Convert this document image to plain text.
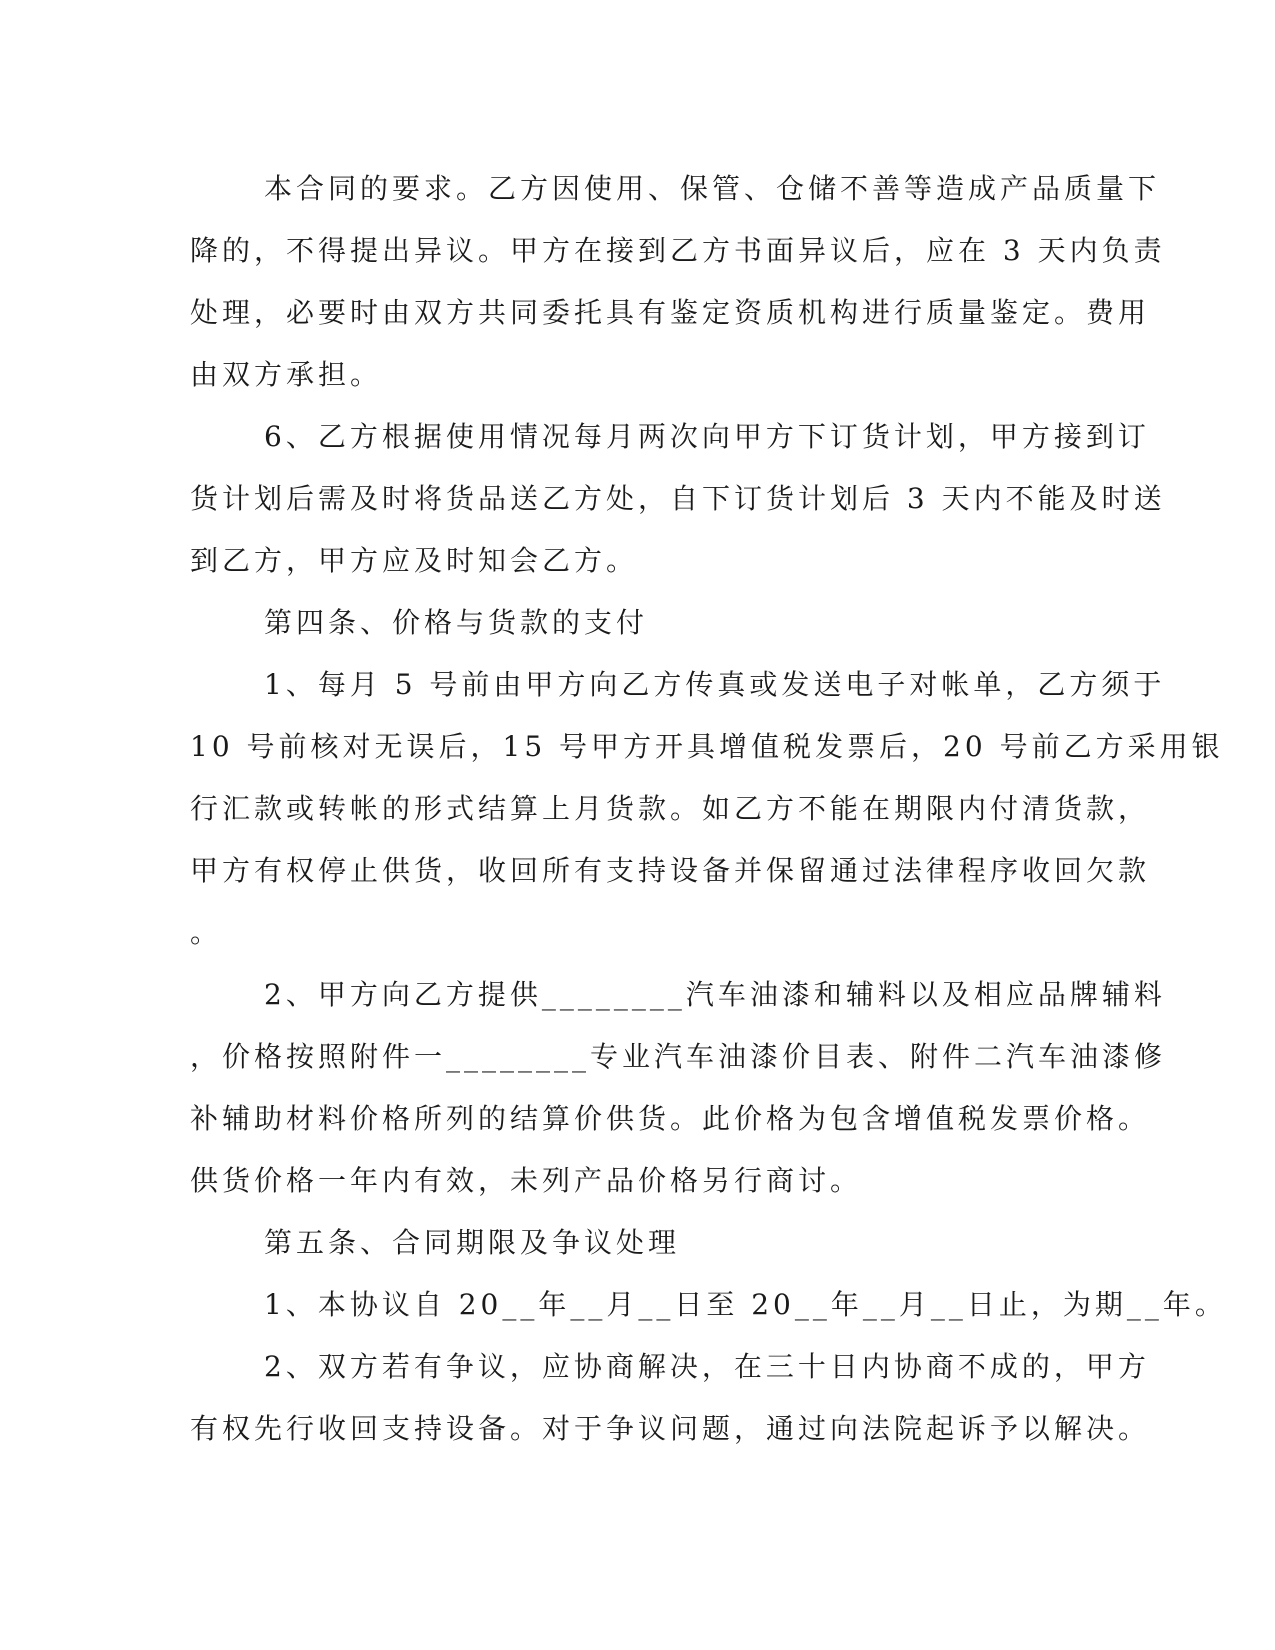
本合同的要求。乙方因使用、保管、仓储不善等造成产品质量下
降的，不得提出异议。甲方在接到乙方书面异议后，应在 3 天内负责
处理，必要时由双方共同委托具有鉴定资质机构进行质量鉴定。费用
由双方承担。
6、乙方根据使用情况每月两次向甲方下订货计划，甲方接到订
货计划后需及时将货品送乙方处，自下订货计划后 3 天内不能及时送
到乙方，甲方应及时知会乙方。
第四条、价格与货款的支付
1、每月 5 号前由甲方向乙方传真或发送电子对帐单，乙方须于
10 号前核对无误后，15 号甲方开具增值税发票后，20 号前乙方采用银
行汇款或转帐的形式结算上月货款。如乙方不能在期限内付清货款，
甲方有权停止供货，收回所有支持设备并保留通过法律程序收回欠款
。
2、甲方向乙方提供________汽车油漆和辅料以及相应品牌辅料
，价格按照附件一________专业汽车油漆价目表、附件二汽车油漆修
补辅助材料价格所列的结算价供货。此价格为包含增值税发票价格。
供货价格一年内有效，未列产品价格另行商讨。
第五条、合同期限及争议处理
1、本协议自 20__年__月__日至 20__年__月__日止，为期__年。
2、双方若有争议，应协商解决，在三十日内协商不成的，甲方
有权先行收回支持设备。对于争议问题，通过向法院起诉予以解决。
